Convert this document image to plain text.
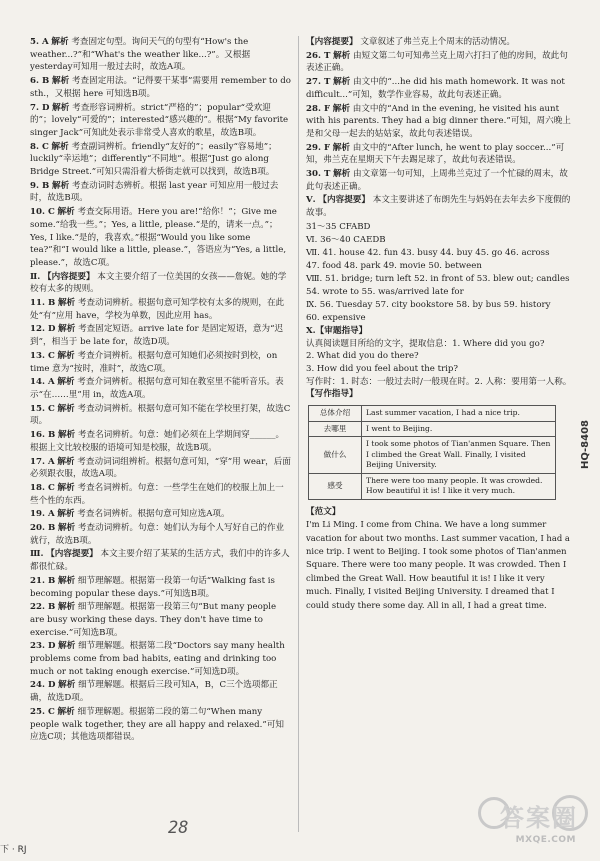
5. A 解析 考查固定句型。询问天气的句型有“How's the weather...?”和“What's the weather like...?”。又根据yesterday可知用一般过去时，故选A项。
6. B 解析 考查固定用法。“记得要干某事”需要用 remember to do sth.，又根据 here 可知选B项。
7. D 解析 考查形容词辨析。strict“严格的”；popular“受欢迎的”；lovely“可爱的”；interested“感兴趣的”。根据“My favorite singer Jack”可知此处表示非常受人喜欢的歌星，故选B项。
8. C 解析 考查副词辨析。friendly“友好的”；easily“容易地”；luckily“幸运地”；differently“不同地”。根据“Just go along Bridge Street.”可知只需沿着大桥街走就可以找到，故选B项。
9. B 解析 考查动词时态辨析。根据 last year 可知应用一般过去时，故选B项。
10. C 解析 考查交际用语。Here you are!“给你！”；Give me some.“给我一些。”；Yes, a little, please.“是的，请来一点。”；Yes, I like.“是的，我喜欢。”根据“Would you like some tea?”和“I would like a little, please.”，答语应为“Yes, a little, please.”，故选C项。
Ⅱ. 【内容提要】 本文主要介绍了一位美国的女孩——詹妮。她的学校有太多的规则。
11. B 解析 考查动词辨析。根据句意可知学校有太多的规则，在此处“有”应用 have，学校为单数，因此应用 has。
12. D 解析 考查固定短语。arrive late for 是固定短语，意为“迟到”，相当于 be late for，故选D项。
13. C 解析 考查介词辨析。根据句意可知她们必须按时到校，on time 意为“按时，准时”，故选C项。
14. A 解析 考查介词辨析。根据句意可知在教室里不能听音乐。表示“在……里”用 in，故选A项。
15. C 解析 考查动词辨析。根据句意可知不能在学校里打架，故选C项。
16. B 解析 考查名词辨析。句意：她们必须在上学期间穿______。根据上文比较校服的语境可知是校服，故选B项。
17. A 解析 考查动词词组辨析。根据句意可知，“穿”用 wear，后面必须跟衣服，故选A项。
18. C 解析 考查名词辨析。句意：一些学生在她们的校服上加上一些个性的东西。
19. A 解析 考查名词辨析。根据句意可知应选A项。
20. B 解析 考查动词辨析。句意：她们认为每个人写好自己的作业就行，故选B项。
Ⅲ. 【内容提要】 本文主要介绍了某某的生活方式，我们中的许多人都很忙碌。
21. B 解析 细节理解题。根据第一段第一句话“Walking fast is becoming popular these days.”可知选B项。
22. B 解析 细节理解题。根据第一段第三句“But many people are busy working these days. They don't have time to exercise.”可知选B项。
23. D 解析 细节理解题。根据第二段“Doctors say many health problems come from bad habits, eating and drinking too much or not taking enough exercise.”可知选D项。
24. D 解析 细节理解题。根据后三段可知A，B，C三个选项都正确，故选D项。
25. C 解析 细节理解题。根据第二段的第二句“When many people walk together, they are all happy and relaxed.”可知应选C项；其他选项都错误。
【内容提要】 文章叙述了弗兰克上个周末的活动情况。
26. T 解析 由短文第二句可知弗兰克上周六打扫了他的房间，故此句表述正确。
27. T 解析 由文中的“...he did his math homework. It was not difficult...”可知，数学作业容易，故此句表述正确。
28. F 解析 由文中的“And in the evening, he visited his aunt with his parents. They had a big dinner there.”可知，周六晚上是和父母一起去的姑姑家，故此句表述错误。
29. F 解析 由文中的“After lunch, he went to play soccer...”可知，弗兰克在星期天下午去踢足球了，故此句表述错误。
30. T 解析 由文章第一句可知，上周弗兰克过了一个忙碌的周末，故此句表述正确。
Ⅴ. 【内容提要】 本文主要讲述了布朗先生与妈妈在去年去乡下度假的故事。
31～35 CFABD
Ⅵ. 36～40 CAEDB
Ⅶ. 41. house 42. fun 43. busy 44. buy 45. go 46. across
47. food 48. park 49. movie 50. between
Ⅷ. 51. bridge; turn left 52. in front of 53. blew out; candles
54. wrote to 55. was/arrived late for
Ⅸ. 56. Tuesday 57. city bookstore 58. by bus 59. history
60. expensive
Ⅹ.【审题指导】
认真阅读题目所给的文字，提取信息：1. Where did you go?
2. What did you do there?
3. How did you feel about the trip?
写作时：1. 时态：一般过去时/一般现在时。2. 人称：要用第一人称。
【写作指导】
总体介绍	Last summer vacation, I had a nice trip.
去哪里	I went to Beijing.
做什么	I took some photos of Tian'anmen Square. Then I climbed the Great Wall. Finally, I visited Beijing University.
感受	There were too many people. It was crowded. How beautiful it is! I like it very much.
【范文】
I'm Li Ming. I come from China. We have a long summer vacation for about two months. Last summer vacation, I had a nice trip. I went to Beijing. I took some photos of Tian'anmen Square. There were too many people. It was crowded. Then I climbed the Great Wall. How beautiful it is! I like it very much. Finally, I visited Beijing University. I dreamed that I could study there some day. All in all, I had a great time.
HQ-8408
下 · RJ
28	答案圈
MXQE.COM
